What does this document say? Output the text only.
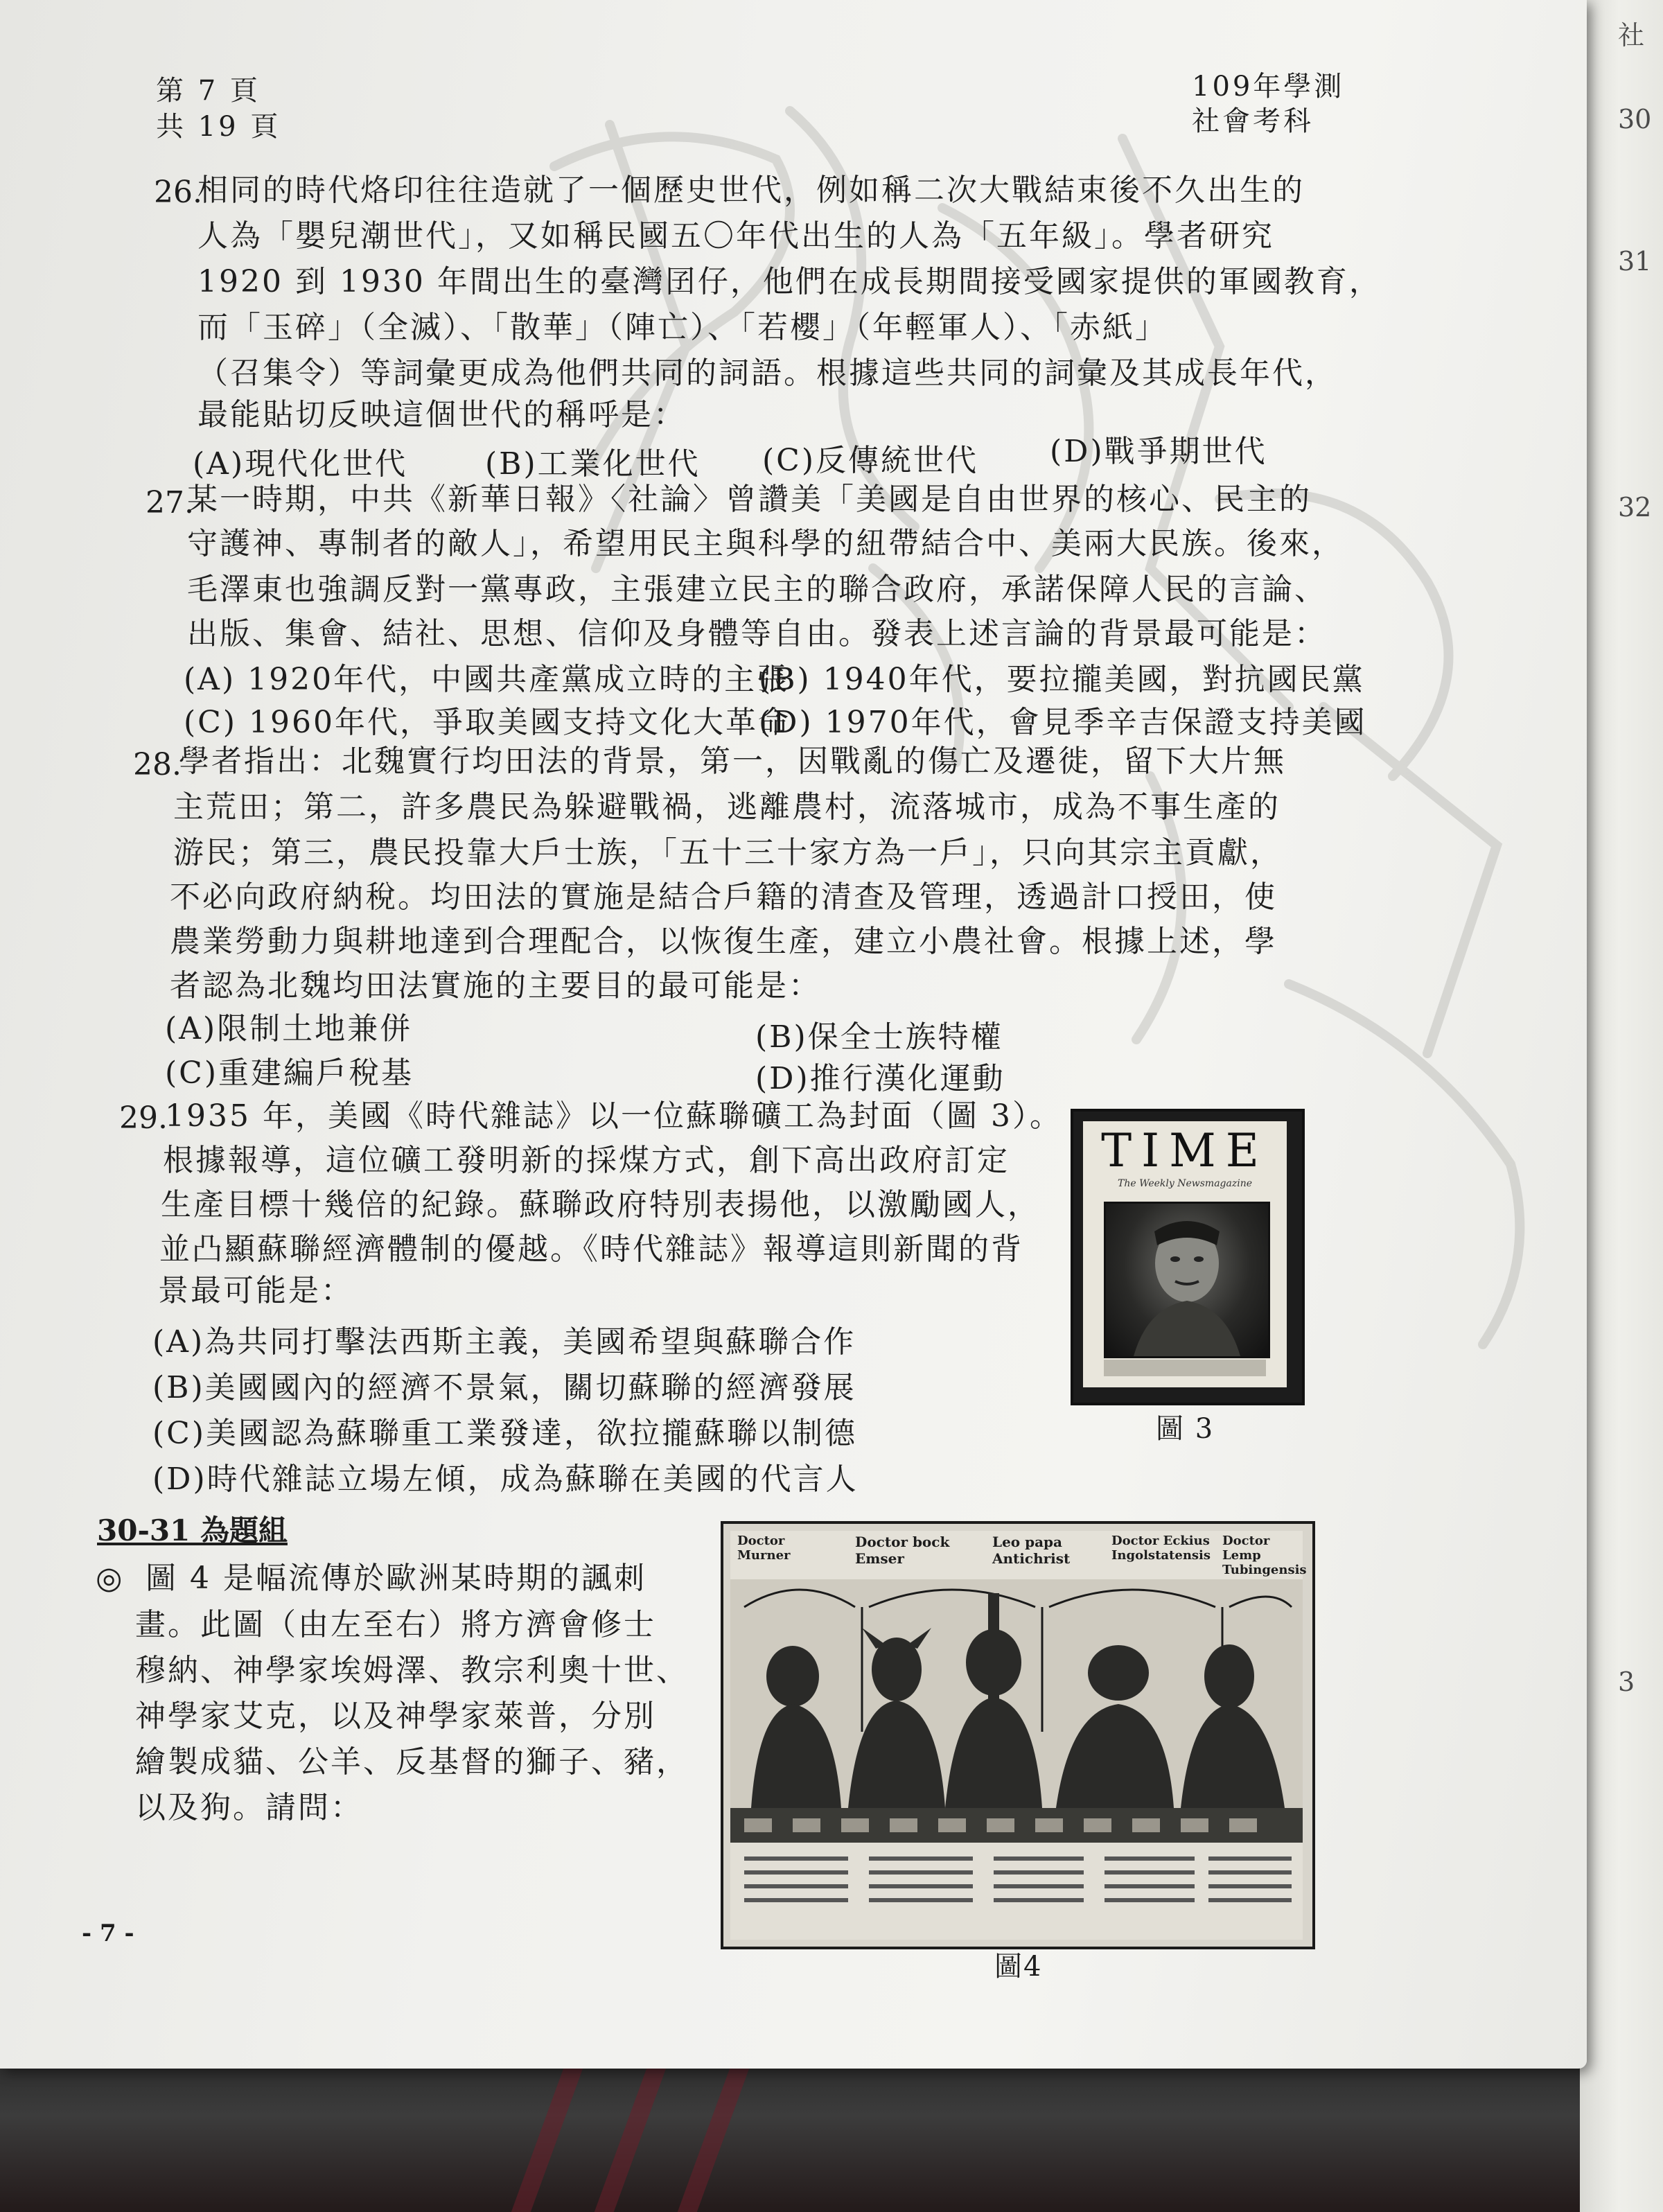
社
30
31
32
3
第 7 頁
共 19 頁
109年學測
社會考科
26.
相同的時代烙印往往造就了一個歷史世代，例如稱二次大戰結束後不久出生的
人為「嬰兒潮世代」，又如稱民國五〇年代出生的人為「五年級」。學者研究
1920 到 1930 年間出生的臺灣囝仔，他們在成長期間接受國家提供的軍國教育，
而「玉碎」（全滅）、「散華」（陣亡）、「若櫻」（年輕軍人）、「赤紙」
（召集令）等詞彙更成為他們共同的詞語。根據這些共同的詞彙及其成長年代，
最能貼切反映這個世代的稱呼是：
(A)現代化世代	(B)工業化世代 (C)反傳統世代 (D)戰爭期世代
27.
某一時期，中共《新華日報》〈社論〉曾讚美「美國是自由世界的核心、民主的
守護神、專制者的敵人」，希望用民主與科學的紐帶結合中、美兩大民族。後來，
毛澤東也強調反對一黨專政，主張建立民主的聯合政府，承諾保障人民的言論、
出版、集會、結社、思想、信仰及身體等自由。發表上述言論的背景最可能是：
(A) 1920年代，中國共產黨成立時的主張
(B) 1940年代，要拉攏美國，對抗國民黨
(C) 1960年代，爭取美國支持文化大革命
(D) 1970年代，會見季辛吉保證支持美國
28.
學者指出：北魏實行均田法的背景，第一，因戰亂的傷亡及遷徙，留下大片無
主荒田；第二，許多農民為躲避戰禍，逃離農村，流落城市，成為不事生產的
游民；第三，農民投靠大戶士族，「五十三十家方為一戶」，只向其宗主貢獻，
不必向政府納稅。均田法的實施是結合戶籍的清查及管理，透過計口授田，使
農業勞動力與耕地達到合理配合，以恢復生產，建立小農社會。根據上述，學
者認為北魏均田法實施的主要目的最可能是：
(A)限制土地兼併	(B)保全士族特權
(C)重建編戶稅基	(D)推行漢化運動
29.
1935 年，美國《時代雜誌》以一位蘇聯礦工為封面（圖 3）。
根據報導，這位礦工發明新的採煤方式，創下高出政府訂定
生產目標十幾倍的紀錄。蘇聯政府特別表揚他，以激勵國人，
並凸顯蘇聯經濟體制的優越。《時代雜誌》報導這則新聞的背
景最可能是：
(A)為共同打擊法西斯主義，美國希望與蘇聯合作
(B)美國國內的經濟不景氣，關切蘇聯的經濟發展
(C)美國認為蘇聯重工業發達，欲拉攏蘇聯以制德
(D)時代雜誌立場左傾，成為蘇聯在美國的代言人
TIME
The Weekly Newsmagazine
圖 3
30-31 為題組
◎ 圖 4 是幅流傳於歐洲某時期的諷刺
畫。此圖（由左至右）將方濟會修士
穆納、神學家埃姆澤、教宗利奧十世、
神學家艾克，以及神學家萊普，分別
繪製成貓、公羊、反基督的獅子、豬，
以及狗。請問：
Doctor Murner
Doctor bock Emser
Leo papa Antichrist
Doctor Eckius Ingolstatensis
Doctor Lemp Tubingensis
圖4
- 7 -
